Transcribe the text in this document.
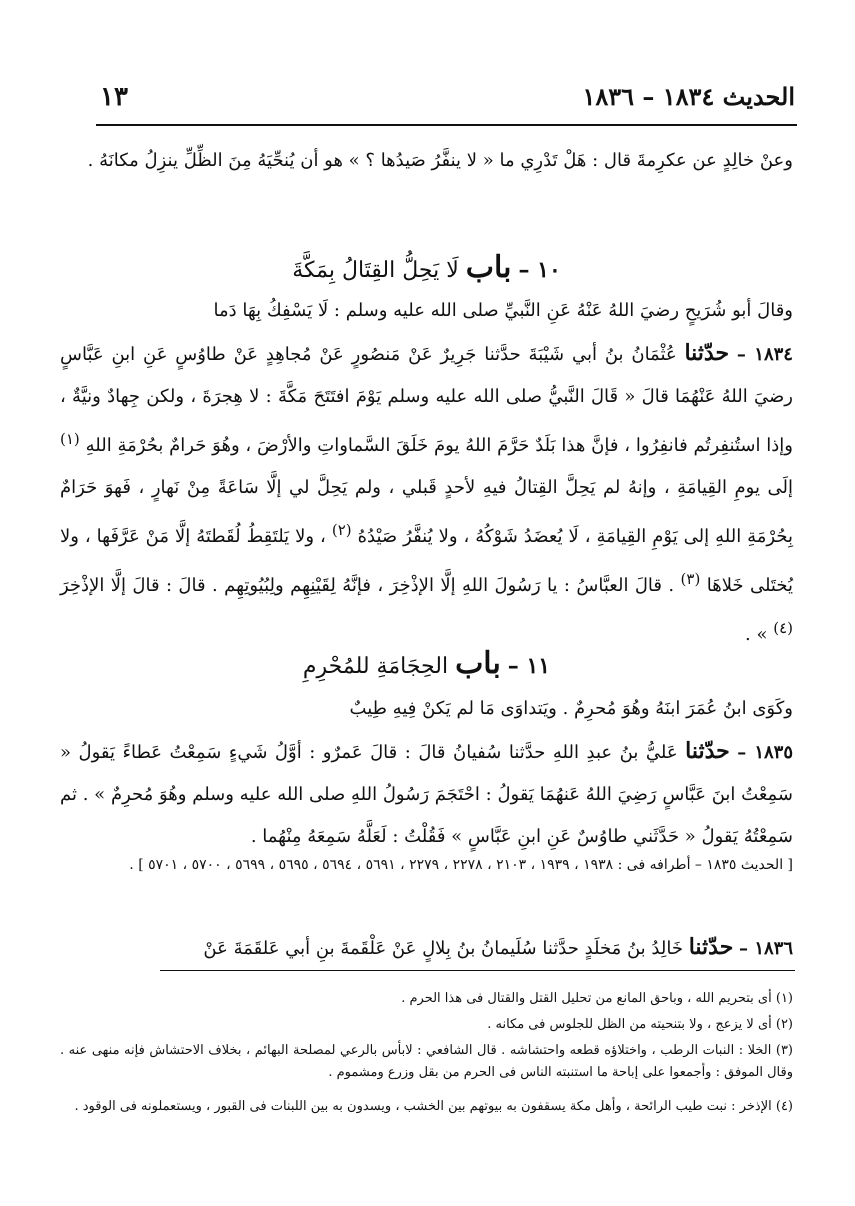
الحديث ١٨٣٤ – ١٨٣٦
١٣

وعنْ خالِدٍ عن عكرِمةَ قال : هَلْ تَدْرِي ما « لا ينفَّرُ صَيدُها ؟ » هو أن يُنحِّيَهُ مِنَ الظِّلِّ ينزِلُ مكانَهُ .

١٠ – باب لَا يَحِلُّ القِتَالُ بِمَكَّةَ

وقالَ أبو شُرَيحٍ رضيَ اللهُ عَنْهُ عَنِ النَّبيِّ صلى الله عليه وسلم : لَا يَسْفِكُ بِهَا دَما
١٨٣٤ – حدّثنا عُثْمَانُ بنُ أبي شَيْبَةَ حدَّثنا جَرِيرٌ عَنْ مَنصُورٍ عَنْ مُجاهِدٍ عَنْ طاوُسٍ عَنِ ابنِ عَبَّاسٍ رضيَ اللهُ عَنْهُمَا قالَ « قَالَ النَّبيُّ صلى الله عليه وسلم يَوْمَ افتَتَحَ مَكَّةَ : لا هِجرَةَ ، ولكن جِهادٌ ونيَّةٌ ، وإذا استُنفِرتُم فانفِرُوا ، فإنَّ هذا بَلَدٌ حَرَّمَ اللهُ يومَ خَلَقَ السَّماواتِ والأرْضَ ، وهُوَ حَرامٌ بحُرْمَةِ اللهِ $^{(١)}$ إلَى يومِ القِيامَةِ ، وإنهُ لم يَحِلَّ القِتالُ فيهِ لأحدٍ قَبلي ، ولم يَحِلَّ لي إلَّا سَاعَةً مِنْ نَهارٍ ، فَهوَ حَرَامٌ بِحُرْمَةِ اللهِ إلى يَوْمِ القِيامَةِ ، لَا يُعضَدُ شَوْكُهُ ، ولا يُنفَّرُ صَيْدُهُ $^{(٢)}$ ، ولا يَلتَقِطُ لُقَطتَهُ إلَّا مَنْ عَرَّفَها ، ولا يُختَلى خَلاهَا $^{(٣)}$ . قالَ العبَّاسُ : يا رَسُولَ اللهِ إلَّا الإذْخِرَ ، فإنَّهُ لِقَيْنِهِم ولِبُيُوتِهِم . قالَ : قالَ إلَّا الإذْخِرَ $^{(٤)}$ » .

١١ – باب الحِجَامَةِ للمُحْرِمِ

وكَوَى ابنُ عُمَرَ ابنَهُ وهُوَ مُحرِمٌ . ويَتداوَى مَا لم يَكنْ فِيهِ طِيبٌ
١٨٣٥ – حدّثنا عَليُّ بنُ عبدِ اللهِ حدَّثنا سُفيانُ قالَ : قالَ عَمرٌو : أوَّلُ شَيءٍ سَمِعْتُ عَطاءً يَقولُ « سَمِعْتُ ابنَ عَبَّاسٍ رَضِيَ اللهُ عَنهُمَا يَقولُ : احْتَجَمَ رَسُولُ اللهِ صلى الله عليه وسلم وهُوَ مُحرِمٌ » . ثم سَمِعْتُهُ يَقولُ « حَدَّثَني طاوُسٌ عَنِ ابنِ عَبَّاسٍ » فَقُلْتُ : لَعَلَّهُ سَمِعَهُ مِنْهُما .

[ الحديث ١٨٣٥ – أطرافه فى : ١٩٣٨ ، ١٩٣٩ ، ٢١٠٣ ، ٢٢٧٨ ، ٢٢٧٩ ، ٥٦٩١ ، ٥٦٩٤ ، ٥٦٩٥ ، ٥٦٩٩ ، ٥٧٠٠ ، ٥٧٠١ ] .

١٨٣٦ – حدّثنا خَالِدُ بنُ مَخلَدٍ حدَّثنا سُلَيمانُ بنُ بِلالٍ عَنْ عَلْقَمةَ بنِ أبي عَلقَمَةَ عَنْ

(١) أى بتحريم الله ، وباحق المانع من تحليل القتل والقتال فى هذا الحرم .

(٢) أى لا يزعج ، ولا بتنحيته من الظل للجلوس فى مكانه .

(٣) الخلا : النبات الرطب ، واختلاؤه قطعه واحتشاشه . قال الشافعي : لابأس بالرعي لمصلحة البهائم ، بخلاف الاحتشاش فإنه منهى عنه . وقال الموفق : وأجمعوا على إباحة ما استنبته الناس فى الحرم من بقل وزرع ومشموم .

(٤) الإذخر : نبت طيب الرائحة ، وأهل مكة يسقفون به بيوتهم بين الخشب ، ويسدون به بين اللبنات فى القبور ، ويستعملونه فى الوقود .
